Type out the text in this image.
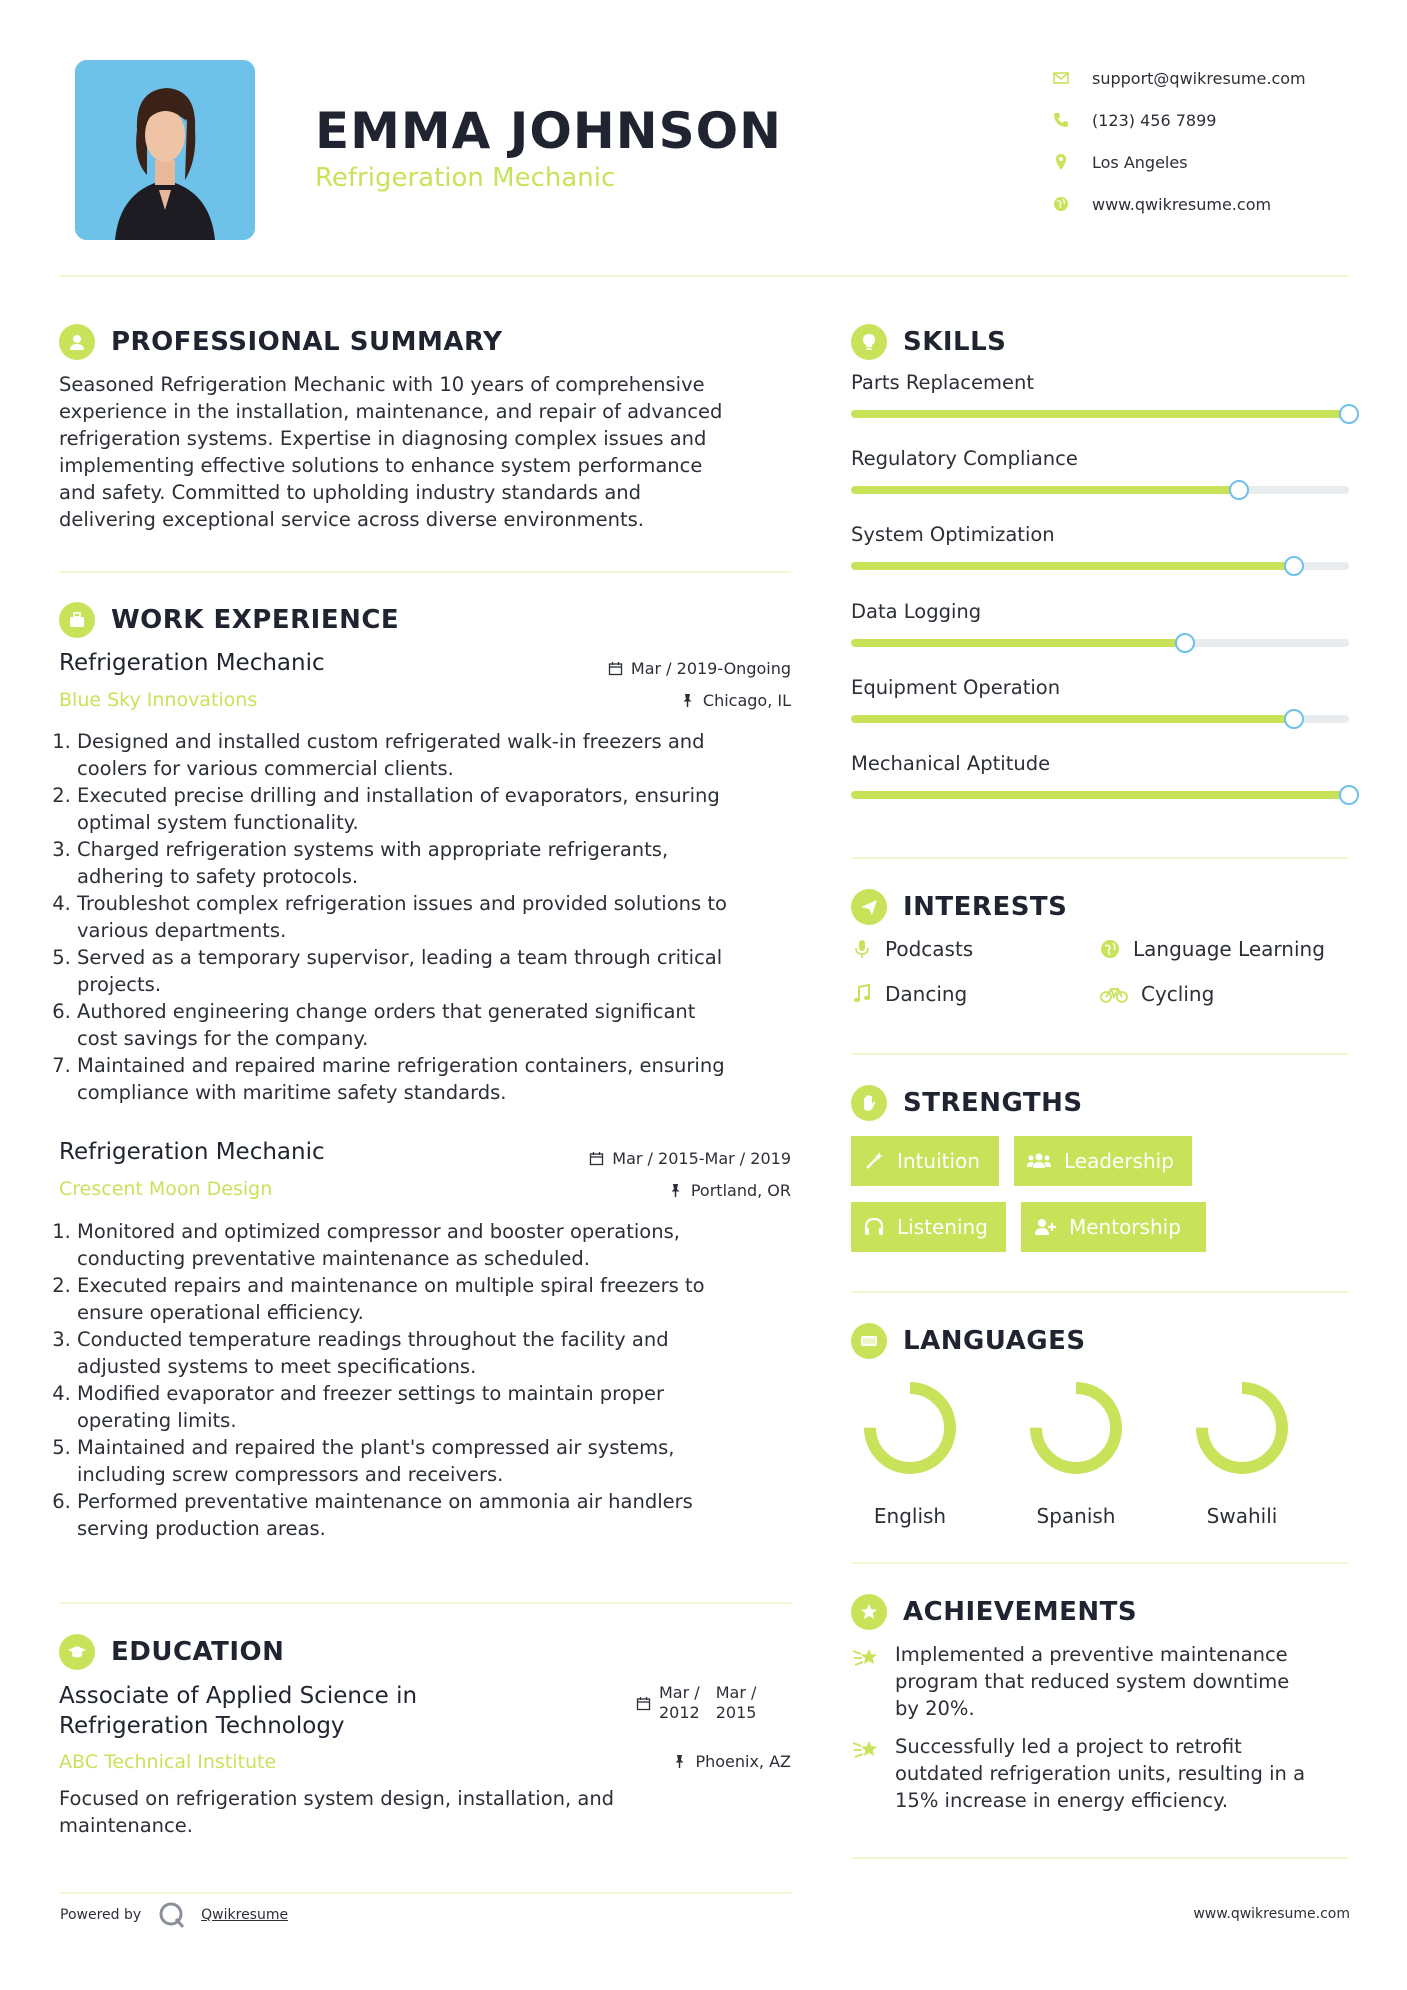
EMMA JOHNSON
Refrigeration Mechanic
support@qwikresume.com
(123) 456 7899
Los Angeles
www.qwikresume.com
PROFESSIONAL SUMMARY
Seasoned Refrigeration Mechanic with 10 years of comprehensive
experience in the installation, maintenance, and repair of advanced
refrigeration systems. Expertise in diagnosing complex issues and
implementing effective solutions to enhance system performance
and safety. Committed to upholding industry standards and
delivering exceptional service across diverse environments.
WORK EXPERIENCE
Refrigeration Mechanic
Blue Sky Innovations
Mar / 2019-Ongoing
Chicago, IL
1. Designed and installed custom refrigerated walk-in freezers and
coolers for various commercial clients.
2. Executed precise drilling and installation of evaporators, ensuring
optimal system functionality.
3. Charged refrigeration systems with appropriate refrigerants,
adhering to safety protocols.
4. Troubleshot complex refrigeration issues and provided solutions to
various departments.
5. Served as a temporary supervisor, leading a team through critical
projects.
6. Authored engineering change orders that generated significant
cost savings for the company.
7. Maintained and repaired marine refrigeration containers, ensuring
compliance with maritime safety standards.
Refrigeration Mechanic
Crescent Moon Design
Mar / 2015-Mar / 2019
Portland, OR
1. Monitored and optimized compressor and booster operations,
conducting preventative maintenance as scheduled.
2. Executed repairs and maintenance on multiple spiral freezers to
ensure operational efficiency.
3. Conducted temperature readings throughout the facility and
adjusted systems to meet specifications.
4. Modified evaporator and freezer settings to maintain proper
operating limits.
5. Maintained and repaired the plant's compressed air systems,
including screw compressors and receivers.
6. Performed preventative maintenance on ammonia air handlers
serving production areas.
EDUCATION
Associate of Applied Science in
Refrigeration Technology
ABC Technical Institute
Mar /
2012
Mar /
2015
Phoenix, AZ
Focused on refrigeration system design, installation, and
maintenance.
SKILLS
Parts Replacement
Regulatory Compliance
System Optimization
Data Logging
Equipment Operation
Mechanical Aptitude
INTERESTS
Podcasts	Language Learning
Dancing	Cycling
STRENGTHS
Intuition	Leadership
Listening	Mentorship
LANGUAGES
English	Spanish	Swahili
ACHIEVEMENTS
Implemented a preventive maintenance
program that reduced system downtime
by 20%.
Successfully led a project to retrofit
outdated refrigeration units, resulting in a
15% increase in energy efficiency.
Powered by	Qwikresume	www.qwikresume.com
